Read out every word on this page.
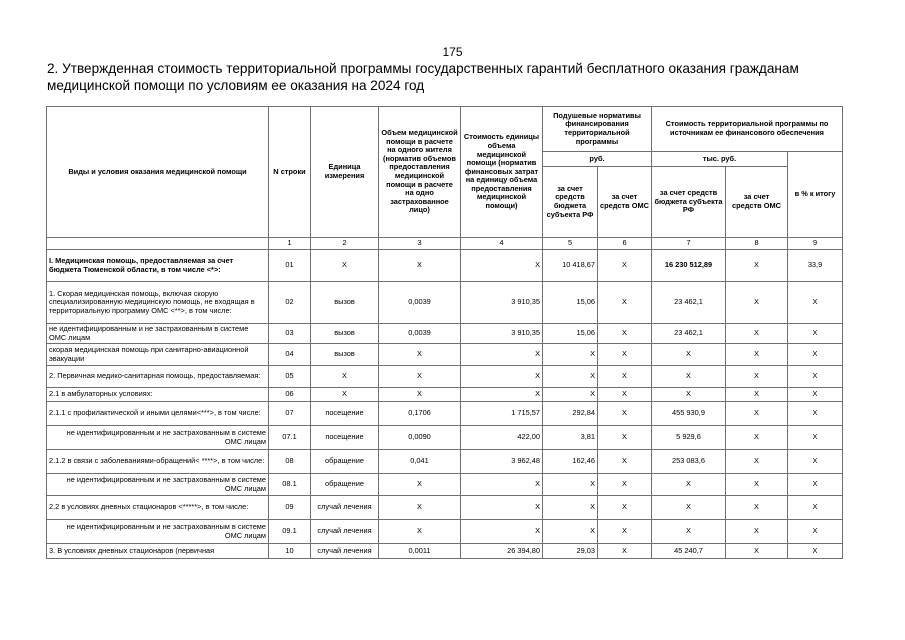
175
2. Утвержденная стоимость территориальной программы государственных гарантий бесплатного оказания гражданам медицинской помощи по условиям ее оказания на 2024 год
Виды и условия оказания медицинской помощи	N строки	Единица измерения	Объем медицинской помощи в расчете на одного жителя (норматив объемов предоставления медицинской помощи в расчете на одно застрахованное лицо)	Стоимость единицы объема медицинской помощи (норматив финансовых затрат на единицу объема предоставления медицинской помощи)	Подушевые нормативы финансирования территориальной программы		Стоимость территориальной программы по источникам ее финансового обеспечения		
					руб.		тыс. руб.		в % к итогу
					за счет средств бюджета субъекта РФ	за счет средств ОМС	за счет средств бюджета субъекта РФ	за счет средств ОМС	
	1	2	3	4	5	6	7	8	9
I. Медицинская помощь, предоставляемая за счет бюджета Тюменской области, в том числе <*>:	01	Х	Х	Х	10 418,67	Х	16 230 512,89	Х	33,9
1. Скорая медицинская помощь, включая скорую специализированную медицинскую помощь, не входящая в территориальную программу ОМС <**>, в том числе:	02	вызов	0,0039	3 910,35	15,06	Х	23 462,1	Х	Х
не идентифицированным и не застрахованным в системе ОМС лицам	03	вызов	0,0039	3 910,35	15,06	Х	23 462,1	Х	Х
скорая медицинская помощь при санитарно-авиационной эвакуации	04	вызов	Х	Х	Х	Х	Х	Х	Х
2. Первичная медико-санитарная помощь, предоставляемая:	05	Х	Х	Х	Х	Х	Х	Х	Х
2.1 в амбулаторных условиях:	06	Х	Х	Х	Х	Х	Х	Х	Х
2.1.1 с профилактической и иными целями<***>, в том числе:	07	посещение	0,1706	1 715,57	292,84	Х	455 930,9	Х	Х
не идентифицированным и не застрахованным в системе ОМС лицам	07.1	посещение	0,0090	422,00	3,81	Х	5 929,6	Х	Х
2.1.2 в связи с заболеваниями-обращений< ****>, в том числе:	08	обращение	0,041	3 962,48	162,46	Х	253 083,6	Х	Х
не идентифицированным и не застрахованным в системе ОМС лицам	08.1	обращение	Х	Х	Х	Х	Х	Х	Х
2.2 в условиях дневных стационаров <*****>, в том числе:	09	случай лечения	Х	Х	Х	Х	Х	Х	Х
не идентифицированным и не застрахованным в системе ОМС лицам	09.1	случай лечения	Х	Х	Х	Х	Х	Х	Х
3. В условиях дневных стационаров (первичная	10	случай лечения	0,0011	26 394,80	29,03	Х	45 240,7	Х	Х
